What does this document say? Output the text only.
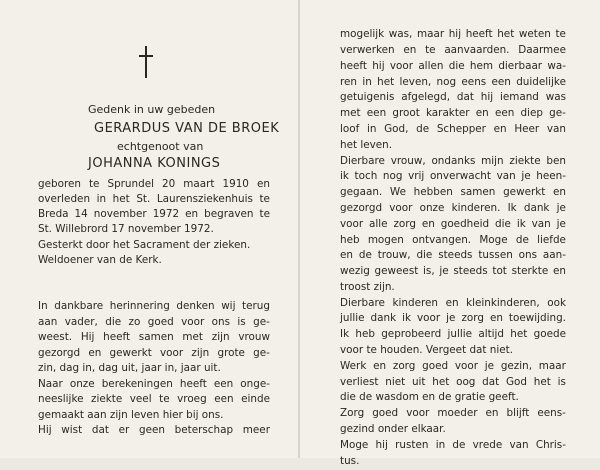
Gedenk in uw gebeden
GERARDUS VAN DE BROEK
echtgenoot van
JOHANNA KONINGS
geboren te Sprundel 20 maart 1910 en
overleden in het St. Laurensziekenhuis te
Breda 14 november 1972 en begraven te
St. Willebrord 17 november 1972.
Gesterkt door het Sacrament der zieken.
Weldoener van de Kerk.
In dankbare herinnering denken wij terug
aan vader, die zo goed voor ons is ge-
weest. Hij heeft samen met zijn vrouw
gezorgd en gewerkt voor zijn grote ge-
zin, dag in, dag uit, jaar in, jaar uit.
Naar onze berekeningen heeft een onge-
neeslijke ziekte veel te vroeg een einde
gemaakt aan zijn leven hier bij ons.
Hij wist dat er geen beterschap meer
mogelijk was, maar hij heeft het weten te
verwerken en te aanvaarden. Daarmee
heeft hij voor allen die hem dierbaar wa-
ren in het leven, nog eens een duidelijke
getuigenis afgelegd, dat hij iemand was
met een groot karakter en een diep ge-
loof in God, de Schepper en Heer van
het leven.
Dierbare vrouw, ondanks mijn ziekte ben
ik toch nog vrij onverwacht van je heen-
gegaan. We hebben samen gewerkt en
gezorgd voor onze kinderen. Ik dank je
voor alle zorg en goedheid die ik van je
heb mogen ontvangen. Moge de liefde
en de trouw, die steeds tussen ons aan-
wezig geweest is, je steeds tot sterkte en
troost zijn.
Dierbare kinderen en kleinkinderen, ook
jullie dank ik voor je zorg en toewijding.
Ik heb geprobeerd jullie altijd het goede
voor te houden. Vergeet dat niet.
Werk en zorg goed voor je gezin, maar
verliest niet uit het oog dat God het is
die de wasdom en de gratie geeft.
Zorg goed voor moeder en blijft eens-
gezind onder elkaar.
Moge hij rusten in de vrede van Chris-
tus.
